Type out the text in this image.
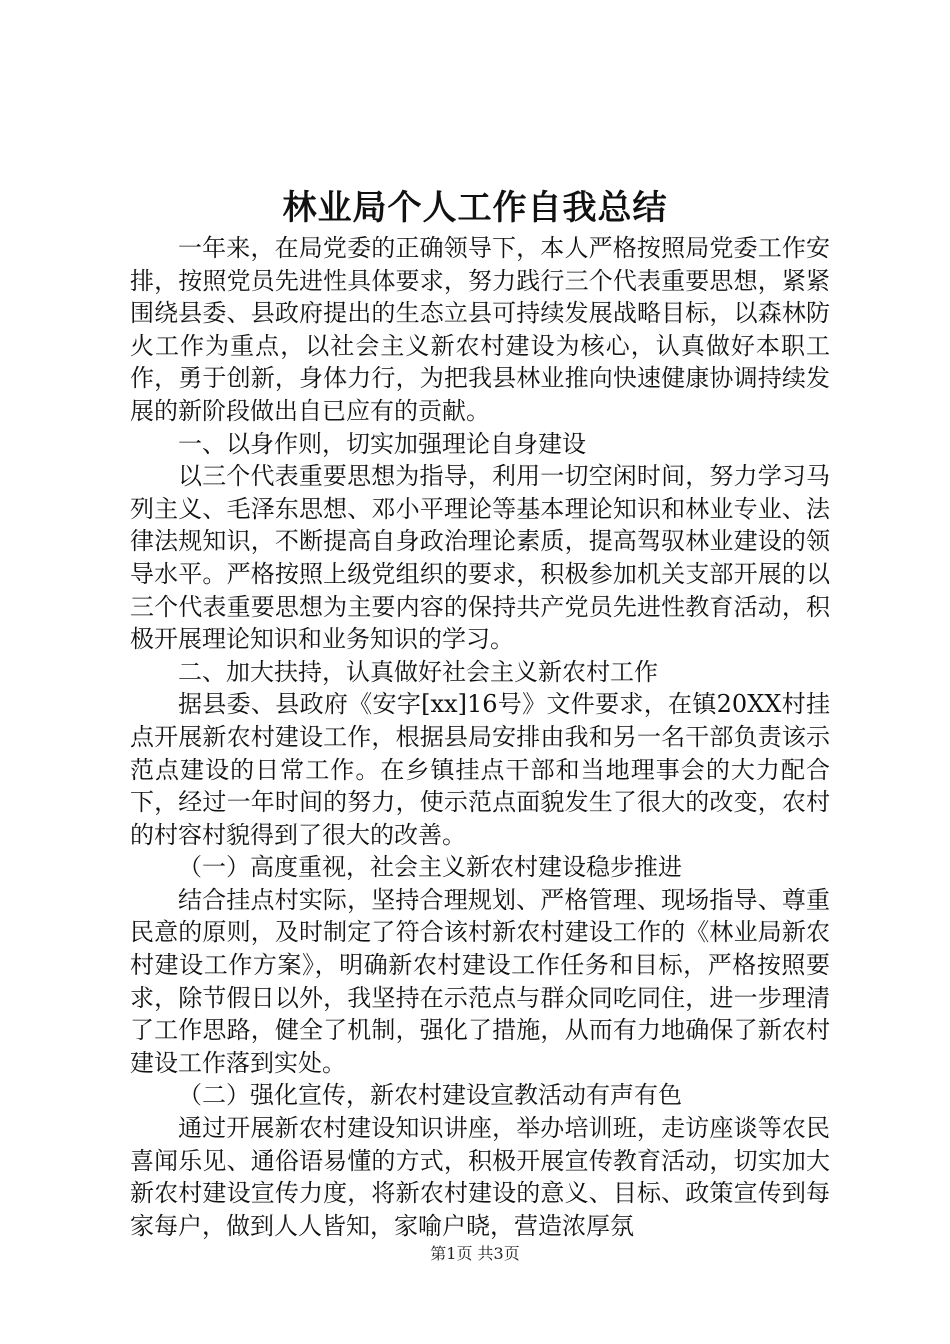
林业局个人工作自我总结

一年来，在局党委的正确领导下，本人严格按照局党委工作安排，按照党员先进性具体要求，努力践行三个代表重要思想，紧紧围绕县委、县政府提出的生态立县可持续发展战略目标，以森林防火工作为重点，以社会主义新农村建设为核心，认真做好本职工作，勇于创新，身体力行，为把我县林业推向快速健康协调持续发展的新阶段做出自已应有的贡献。

一、以身作则，切实加强理论自身建设

以三个代表重要思想为指导，利用一切空闲时间，努力学习马列主义、毛泽东思想、邓小平理论等基本理论知识和林业专业、法律法规知识，不断提高自身政治理论素质，提高驾驭林业建设的领导水平。严格按照上级党组织的要求，积极参加机关支部开展的以三个代表重要思想为主要内容的保持共产党员先进性教育活动，积极开展理论知识和业务知识的学习。

二、加大扶持，认真做好社会主义新农村工作

据县委、县政府《安字[xx]16号》文件要求，在镇20XX村挂点开展新农村建设工作，根据县局安排由我和另一名干部负责该示范点建设的日常工作。在乡镇挂点干部和当地理事会的大力配合下，经过一年时间的努力，使示范点面貌发生了很大的改变，农村的村容村貌得到了很大的改善。

（一）高度重视，社会主义新农村建设稳步推进

结合挂点村实际，坚持合理规划、严格管理、现场指导、尊重民意的原则，及时制定了符合该村新农村建设工作的《林业局新农村建设工作方案》，明确新农村建设工作任务和目标，严格按照要求，除节假日以外，我坚持在示范点与群众同吃同住，进一步理清了工作思路，健全了机制，强化了措施，从而有力地确保了新农村建设工作落到实处。

（二）强化宣传，新农村建设宣教活动有声有色

通过开展新农村建设知识讲座，举办培训班，走访座谈等农民喜闻乐见、通俗语易懂的方式，积极开展宣传教育活动，切实加大新农村建设宣传力度，将新农村建设的意义、目标、政策宣传到每家每户，做到人人皆知，家喻户晓，营造浓厚氛

第1页 共3页
